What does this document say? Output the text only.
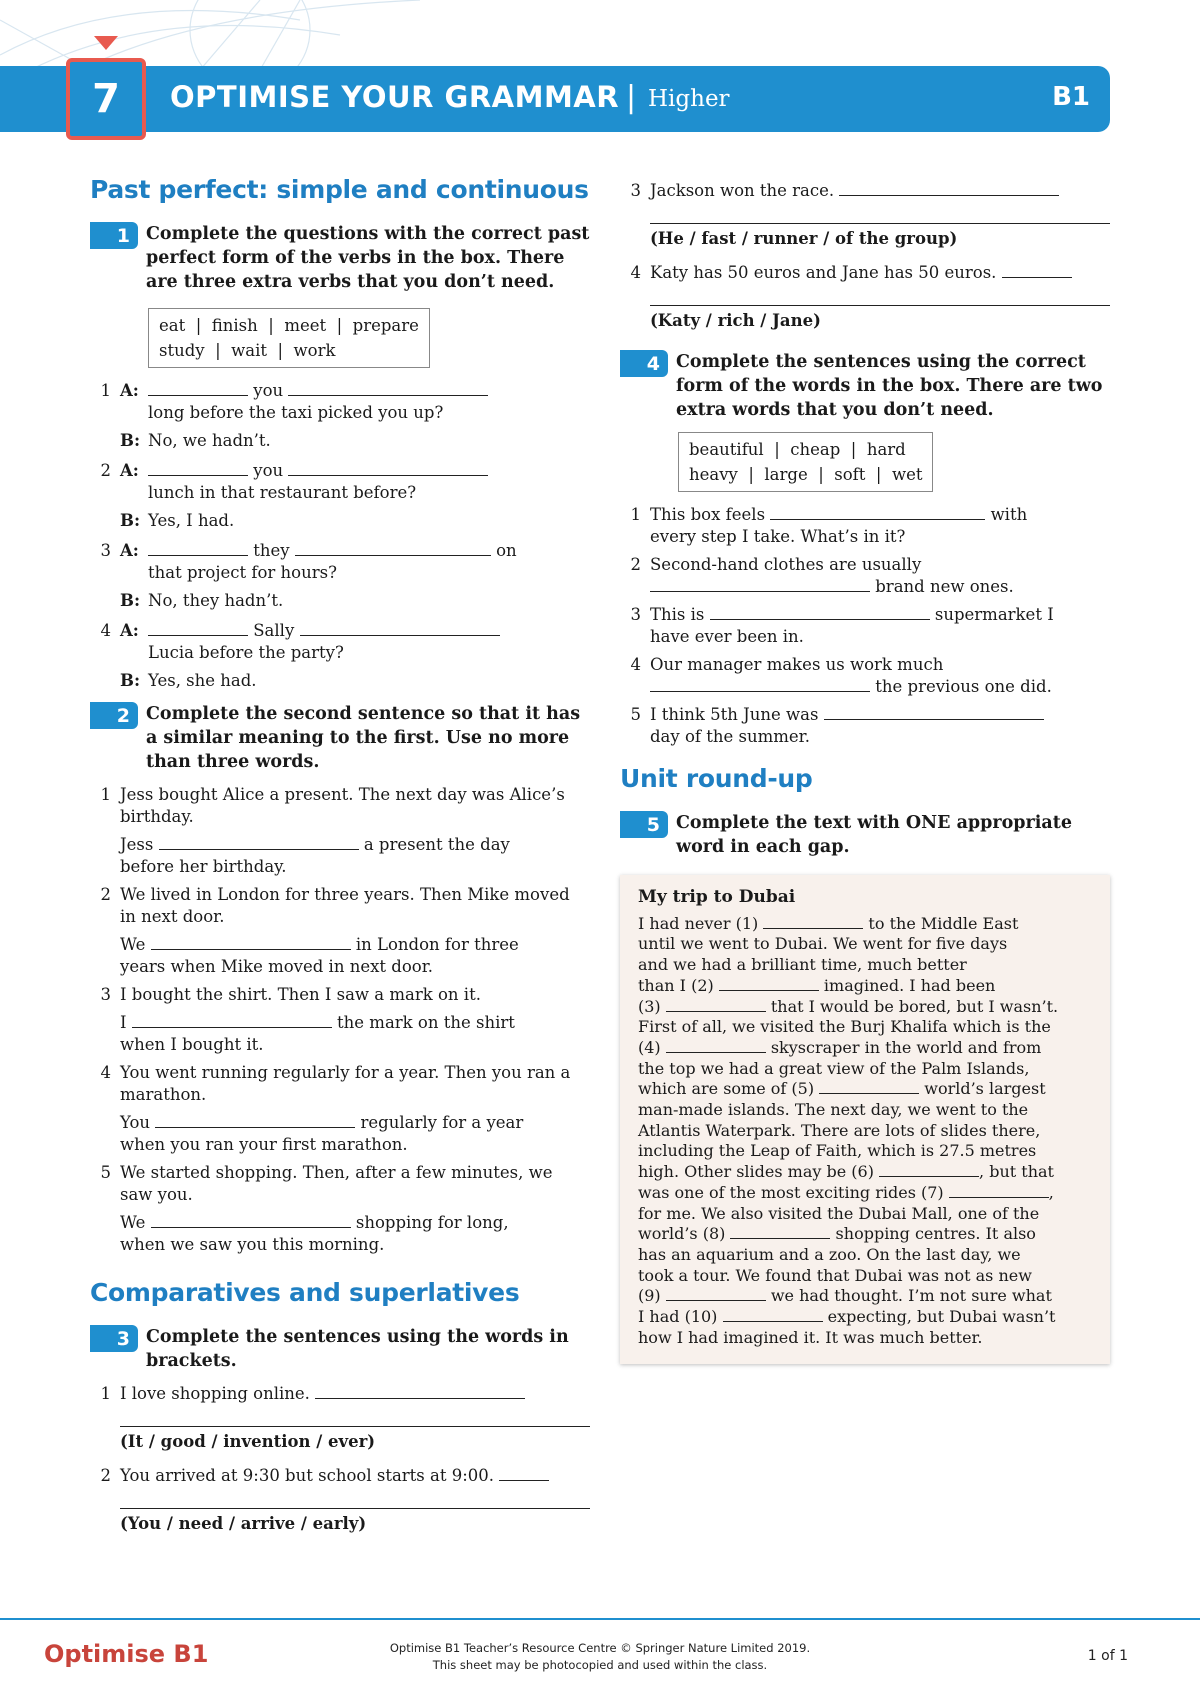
7	OPTIMISE YOUR GRAMMAR | Higher	B1
Past perfect: simple and continuous
1 Complete the questions with the correct past perfect form of the verbs in the box. There are three extra verbs that you don’t need.
eat  |  finish  |  meet  |  prepare
study  |  wait  |  work
1 A:	you
long before the taxi picked you up?
B: No, we hadn’t.
2 A:	you
lunch in that restaurant before?
B: Yes, I had.
3 A:	they	on
that project for hours?
B: No, they hadn’t.
4 A:	Sally
Lucia before the party?
B: Yes, she had.
2 Complete the second sentence so that it has a similar meaning to the first. Use no more than three words.
1 Jess bought Alice a present. The next day was Alice’s birthday.
Jess	a present the day
before her birthday.
2 We lived in London for three years. Then Mike moved in next door.
We	in London for three
years when Mike moved in next door.
3 I bought the shirt. Then I saw a mark on it.
I	the mark on the shirt
when I bought it.
4 You went running regularly for a year. Then you ran a marathon.
You	regularly for a year
when you ran your first marathon.
5 We started shopping. Then, after a few minutes, we saw you.
We	shopping for long,
when we saw you this morning.
Comparatives and superlatives
3 Complete the sentences using the words in brackets.
1 I love shopping online.
(It / good / invention / ever)
2 You arrived at 9:30 but school starts at 9:00.
(You / need / arrive / early)
3 Jackson won the race.
(He / fast / runner / of the group)
4 Katy has 50 euros and Jane has 50 euros.
(Katy / rich / Jane)
4 Complete the sentences using the correct form of the words in the box. There are two extra words that you don’t need.
beautiful  |  cheap  |  hard
heavy  |  large  |  soft  |  wet
1 This box feels	with
every step I take. What’s in it?
2 Second-hand clothes are usually
brand new ones.
3 This is	supermarket I
have ever been in.
4 Our manager makes us work much
the previous one did.
5 I think 5th June was
day of the summer.
Unit round-up
5 Complete the text with ONE appropriate word in each gap.
My trip to Dubai
I had never (1)	to the Middle East
until we went to Dubai. We went for five days
and we had a brilliant time, much better
than I (2)	imagined. I had been
(3)	that I would be bored, but I wasn’t.
First of all, we visited the Burj Khalifa which is the
(4)	skyscraper in the world and from
the top we had a great view of the Palm Islands,
which are some of (5)	world’s largest
man-made islands. The next day, we went to the
Atlantis Waterpark. There are lots of slides there,
including the Leap of Faith, which is 27.5 metres
high. Other slides may be (6)	, but that
was one of the most exciting rides (7)	,
for me. We also visited the Dubai Mall, one of the
world’s (8)	shopping centres. It also
has an aquarium and a zoo. On the last day, we
took a tour. We found that Dubai was not as new
(9)	we had thought. I’m not sure what
I had (10)	expecting, but Dubai wasn’t
how I had imagined it. It was much better.
Optimise B1	Optimise B1 Teacher’s Resource Centre © Springer Nature Limited 2019.
This sheet may be photocopied and used within the class.
1 of 1
